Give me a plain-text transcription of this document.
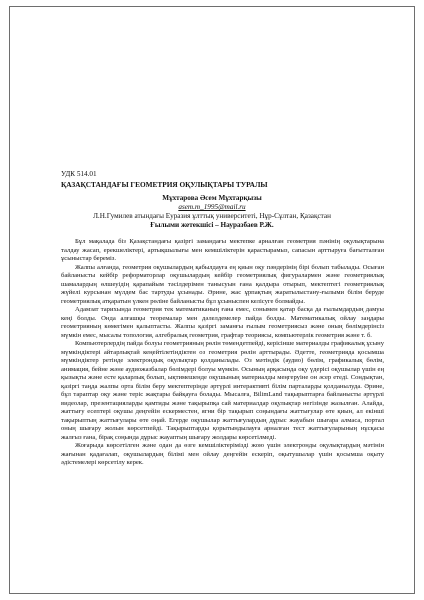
УДК 514.01
ҚАЗАҚСТАНДАҒЫ ГЕОМЕТРИЯ ОҚУЛЫҚТАРЫ ТУРАЛЫ
Мұхтарова Әсем Мұхтарқызы
asem.m_1995@mail.ru
Л.Н.Гумилев атындағы Еуразия ұлттық университеті, Нұр-Сұлтан, Қазақстан
Ғылыми жетекшісі – Науразбаев Р.Ж.

Бұл мақалада біз Қазақстандағы қазіргі замандағы мектепке арналған геометрия пәнінің оқулықтарына талдау жасап, ерекшеліктері, артықшылығы мен кемшіліктерін қарастырамыз, сапасын арттыруға бағытталған ұсыныстар береміз.

Жалпы алғанда, геометрия оқушылардың қабылдауға ең қиын оқу пәндерінің бірі болып табылады. Осыған байланысты кейбір реформаторлар оқушылардың кейбір геометриялық фигуралармен және геометриялық шамалардың өлшеуідің қарапайым тәсілдерімен танысуын ғана қалдыра отырып, мектептегі геометриялық жүйелі курсынан мүлдем бас тартуды ұсынады. Әрине, жас ұрпақтың жаратылыстану-ғылыми білім беруде геометриялық атқаратын үлкен рөліне байланысты бұл ұсыныспен келісуге болмайды.

Адамзат тарихында геометрия тек математиканың ғана емес, сонымен қатар басқа да ғылымдардың дамуы кеңі болды. Онда алғашқы теоремалар мен дәлелдемелер пайда болды. Математикалық ойлау заңдары геометрияның көмегімен қалыптасты. Жалпы қазіргі заманғы ғылым геометриясыз және оның бөлімдерінсіз мүмкін емес, мысалы топология, алгебралық геометрия, графтар теориясы, компьютерлік геометрия және т. б.

Компьютерлердің пайда болуы геометрияның рөлін төмендетпейді, керісінше материалды графикалық ұсыну мүмкіндіктері айтарлықтай кеңейтілетіндіктен оз геометрия рөлін арттырады. Әдетте, геометрияда қосымша мүмкіндіктер ретінде электрондық оқулықтар қолданылады. Оз мәтіндік (аудио) бөлім, графикалық бөлім, анимация, бейне және аудиожазбалар бөлімдері болуы мүмкін. Осының арқасында оқу үдерісі оқушылар үшін ең қызықты және есте қаларлық болып, ықтимешенде оқушының материалды меңгеруіне он әсер етеді. Сондықтан, қазіргі таңда жалпы орта білім беру мектептерінде әртүрлі интерактивті білім парталарды қолданылуда. Әрине, бұл тараптар оқу және теріс жақтары байқауға болады. Мысалға, BilimLand тақырыптарға байланысты әртүрлі видеолар, презентацияларды қамтиды және тақырыпқа сай материалдар оқулықтар негізінде жазылған. Алайда, жаттығу есептері оқушы деңгейін ескерместен, ягни бір тақырып соңындағы жаттығулар өте қиын, ал екінші тақырыптың жаттығулары өте оңай. Егерде оқушылар жаттығулардың дұрыс жауабын шығара алмаса, портал оның шығару жолын көрсетпейді. Тақырыптарды қорытындылауға арналған тест жаттығуларының нұсқасы жалғыз ғана, бірақ соңында дұрыс жауаптың шығару жолдары көрсетілмеді.

Жоғарыда көрсетілген және одан да өзге кемшіліктерімізді жою үшін электронды оқулықтардың мәтінін жағынан қадағалап, оқушылардың білімі мен ойлау деңгейін ескеріп, оқытушылар үшін қосымша оқыту әдістемелері көрсетілу керек.
